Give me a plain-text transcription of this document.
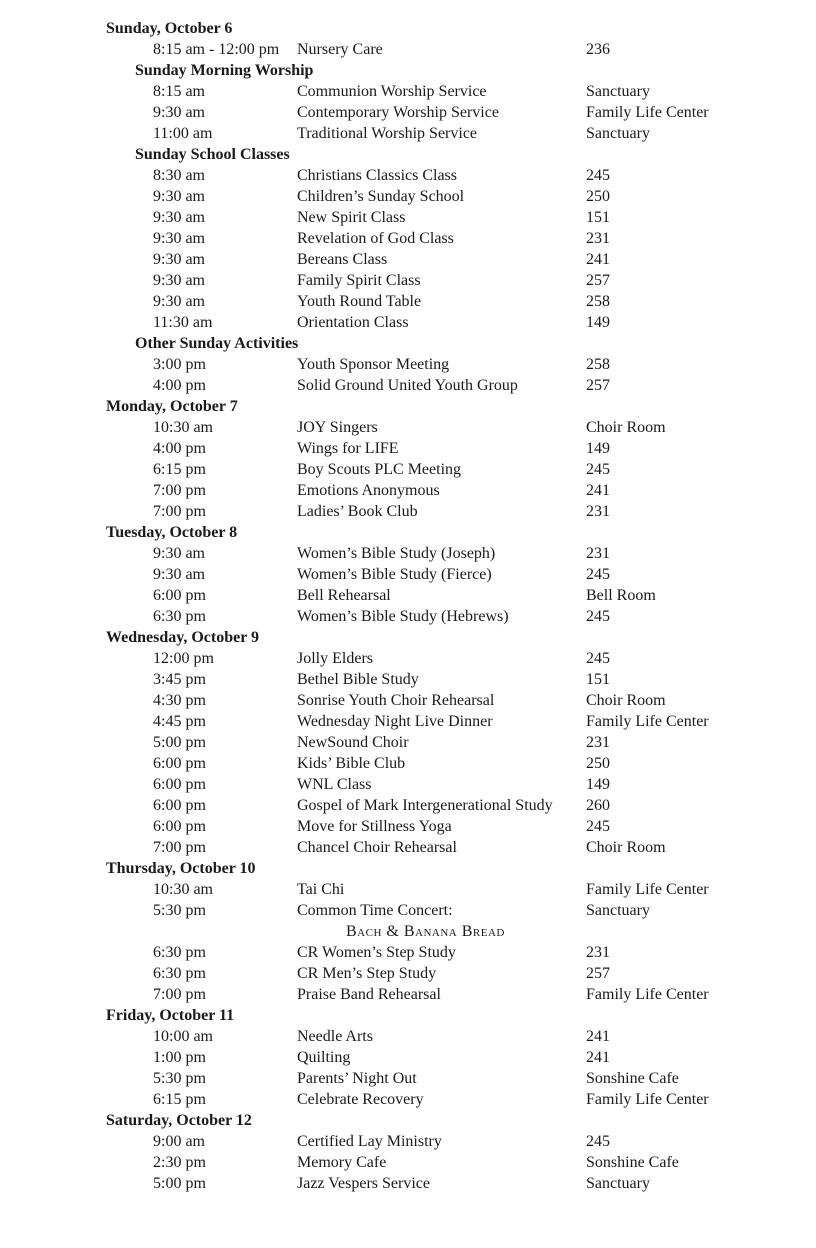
Sunday, October 6
8:15 am - 12:00 pm Nursery Care	236
Sunday Morning Worship
8:15 am	Communion Worship Service	Sanctuary
9:30 am	Contemporary Worship Service	Family Life Center
11:00 am	Traditional Worship Service	Sanctuary
Sunday School Classes
8:30 am	Christians Classics Class	245
9:30 am	Children’s Sunday School	250
9:30 am	New Spirit Class	151
9:30 am	Revelation of God Class	231
9:30 am	Bereans Class	241
9:30 am	Family Spirit Class	257
9:30 am	Youth Round Table	258
11:30 am	Orientation Class	149
Other Sunday Activities
3:00 pm	Youth Sponsor Meeting	258
4:00 pm	Solid Ground United Youth Group	257
Monday, October 7
10:30 am	JOY Singers	Choir Room
4:00 pm	Wings for LIFE	149
6:15 pm	Boy Scouts PLC Meeting	245
7:00 pm	Emotions Anonymous	241
7:00 pm	Ladies’ Book Club	231
Tuesday, October 8
9:30 am	Women’s Bible Study (Joseph)	231
9:30 am	Women’s Bible Study (Fierce)	245
6:00 pm	Bell Rehearsal	Bell Room
6:30 pm	Women’s Bible Study (Hebrews)	245
Wednesday, October 9
12:00 pm	Jolly Elders	245
3:45 pm	Bethel Bible Study	151
4:30 pm	Sonrise Youth Choir Rehearsal	Choir Room
4:45 pm	Wednesday Night Live Dinner	Family Life Center
5:00 pm	NewSound Choir	231
6:00 pm	Kids’ Bible Club	250
6:00 pm	WNL Class	149
6:00 pm	Gospel of Mark Intergenerational Study 260
6:00 pm	Move for Stillness Yoga	245
7:00 pm	Chancel Choir Rehearsal	Choir Room
Thursday, October 10
10:30 am	Tai Chi	Family Life Center
5:30 pm	Common Time Concert:	Sanctuary
Bach & Banana Bread
6:30 pm	CR Women’s Step Study	231
6:30 pm	CR Men’s Step Study	257
7:00 pm	Praise Band Rehearsal	Family Life Center
Friday, October 11
10:00 am	Needle Arts	241
1:00 pm	Quilting	241
5:30 pm	Parents’ Night Out	Sonshine Cafe
6:15 pm	Celebrate Recovery	Family Life Center
Saturday, October 12
9:00 am	Certified Lay Ministry	245
2:30 pm	Memory Cafe	Sonshine Cafe
5:00 pm	Jazz Vespers Service	Sanctuary
